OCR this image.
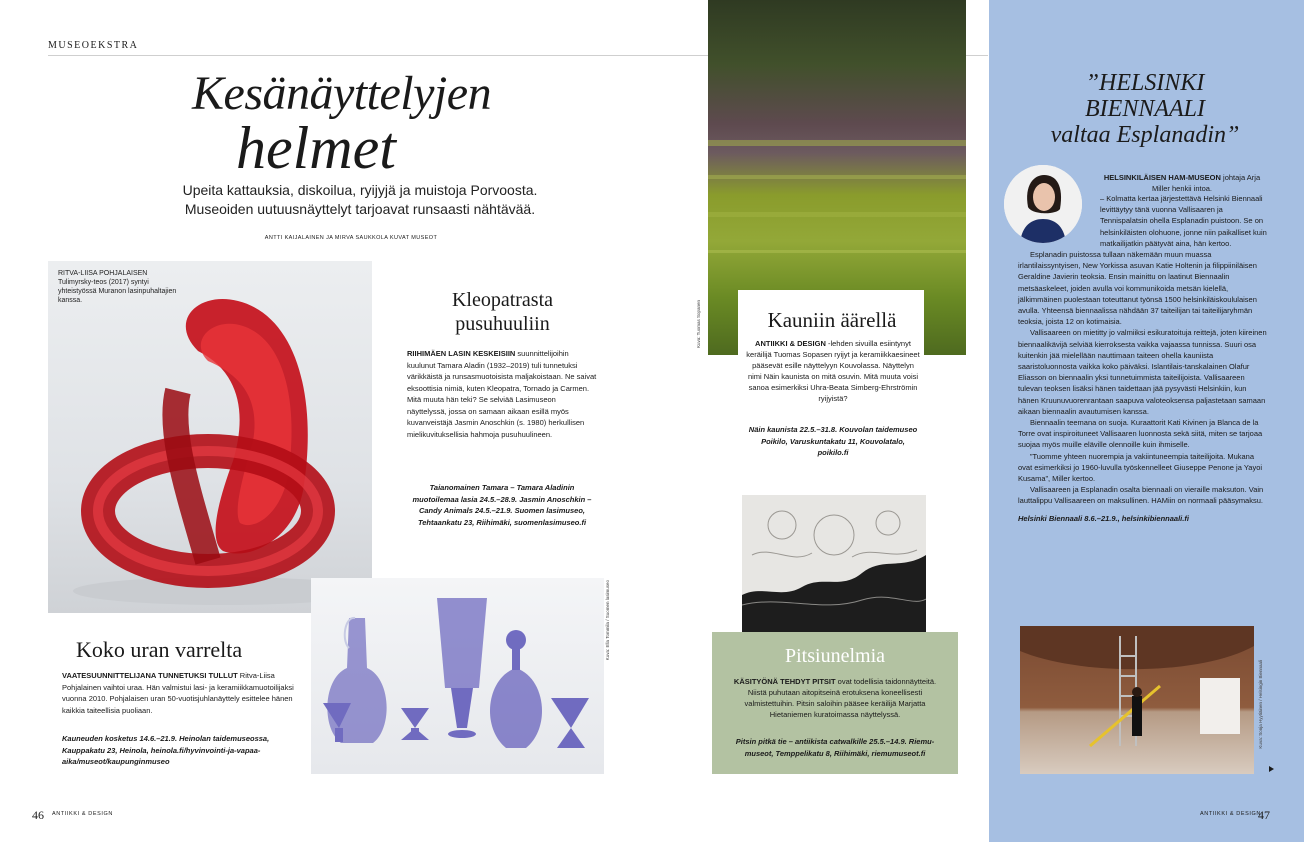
MUSEOEKSTRA
Kesänäyttelyjen
helmet
Upeita kattauksia, diskoilua, ryijyjä ja muistoja Porvoosta.
Museoiden uutuusnäyttelyt tarjoavat runsaasti nähtävää.
ANTTI KAIJALAINEN JA MIRVA SAUKKOLA KUVAT MUSEOT
RITVA-LIISA POHJALAISEN Tulimyrsky-teos (2017) syntyi yhteistyössä Muranon lasinpuhaltajien kanssa.	Kleopatrasta
pusuhuuliin
RIIHIMÄEN LASIN KESKEISIIN suunnittelijoihin kuulunut Tamara Aladin (1932–2019) tuli tunnetuksi värikkäistä ja runsasmuotoisista maljakoistaan. Ne saivat eksoottisia nimiä, kuten Kleopatra, Tornado ja Carmen. Mitä muuta hän teki? Se selviää Lasimuseon näyttelyssä, jossa on samaan aikaan esillä myös kuvanveistäjä Jasmin Anoschkin (s. 1980) herkullisen mielikuvituksellisia hahmoja pusuhuulineen.
Taianomainen Tamara – Tamara Aladinin muotoilemaa lasia 24.5.–28.9. Jasmin Anoschkin – Candy Animals 24.5.–21.9. Suomen lasimuseo, Tehtaankatu 23, Riihimäki, suomenlasimuseo.fi
Koko uran varrelta
VAATESUUNNITTELIJANA TUNNETUKSI TULLUT Ritva-Liisa Pohjalainen vaihtoi uraa. Hän valmistui lasi- ja keramiikkamuotoilijaksi vuonna 2010. Pohjalaisen uran 50-vuotisjuhlanäyttely esittelee hänen kaikkia taiteellisia puoliaan.
Kauneuden kosketus 14.6.–21.9. Heinolan taidemuseossa, Kauppakatu 23, Heinola, heinola.fi/hyvinvointi-ja-vapaa-aika/museot/kaupunginmuseo
Kuva: Ella Tommila / Suomen lasimuseo
46 ANTIIKKI & DESIGN
Kuva: Tuomas Sopanen	Kauniin äärellä
ANTIIKKI & DESIGN -lehden sivuilla esiintynyt keräilijä Tuomas Sopasen ryijyt ja keramiikkaesineet pääsevät esille näyttelyyn Kouvolassa. Näyttelyn nimi Näin kaunista on mitä osuvin. Mitä muuta voisi sanoa esimerkiksi Uhra-Beata Simberg-Ehrströmin ryijyistä?
Näin kaunista 22.5.–31.8. Kouvolan taidemuseo Poikilo, Varuskuntakatu 11, Kouvolatalo, poikilo.fi
Pitsiunelmia
KÄSITYÖNÄ TEHDYT PITSIT ovat todellisia taidonnäytteitä. Niistä puhutaan aitopitseinä erotuksena koneellisesti valmistettuihin. Pitsin saloihin pääsee keräilijä Marjatta Hietaniemen kuratoimassa näyttelyssä.
Pitsin pitkä tie – antiikista catwalkille 25.5.–14.9. Riemu-museot, Temppelikatu 8, Riihimäki, riemumuseot.fi
”HELSINKI
BIENNAALI
valtaa Esplanadin”
HELSINKILÄISEN HAM-MUSEON johtaja Arja Miller henkii intoa.

– Kolmatta kertaa järjestettävä Helsinki Biennaali levittäytyy tänä vuonna Vallisaaren ja Tennispalatsin ohella Esplanadin puistoon. Se on helsinkiläisten olohuone, jonne niin paikalliset kuin matkailijatkin päätyvät aina, hän kertoo.

Esplanadin puistossa tullaan näkemään muun muassa irlantilaissyntyisen, New Yorkissa asuvan Katie Holtenin ja filippiiniläisen Geraldine Javierin teoksia. Ensin mainittu on laatinut Biennaalin metsäaskeleet, joiden avulla voi kommunikoida metsän kielellä, jälkimmäinen puolestaan toteuttanut työnsä 1500 helsinkiläiskoululaisen avulla. Yhteensä biennaalissa nähdään 37 taiteilijan tai taiteilijaryhmän teoksia, joista 12 on kotimaisia.

Vallisaareen on mietitty jo valmiiksi esikuratoituja reittejä, joten kiireinen biennaalikävijä selviää kierroksesta vaikka vajaassa tunnissa. Suuri osa kuitenkin jää mielellään nauttimaan taiteen ohella kauniista saaristoluonnosta vaikka koko päiväksi. Islantilais-tanskalainen Olafur Eliasson on biennaalin yksi tunnetuimmista taiteilijoista. Vallisaareen tulevan teoksen lisäksi hänen taidettaan jää pysyvästi Helsinkiin, kun hänen Kruunuvuorenrantaan saapuva valoteoksensa paljastetaan samaan aikaan biennaalin avautumisen kanssa.

Biennaalin teemana on suoja. Kuraattorit Kati Kivinen ja Blanca de la Torre ovat inspiroituneet Vallisaaren luonnosta sekä siitä, miten se tarjoaa suojaa myös muille eläville olennoille kuin ihmiselle.

”Tuomme yhteen nuorempia ja vakiintuneempia taiteilijoita. Mukana ovat esimerkiksi jo 1960-luvulla työskennelleet Giuseppe Penone ja Yayoi Kusama”, Miller kertoo.

Vallisaareen ja Esplanadin osalta biennaali on vieraille maksuton. Vain lauttalippu Vallisaareen on maksullinen. HAMiin on normaali pääsymaksu.

Helsinki Biennaali 8.6.–21.9., helsinkibiennaali.fi

Kuva: Sonja Hyytiäinen / Helsingin Biennaali
ANTIIKKI & DESIGN
47
